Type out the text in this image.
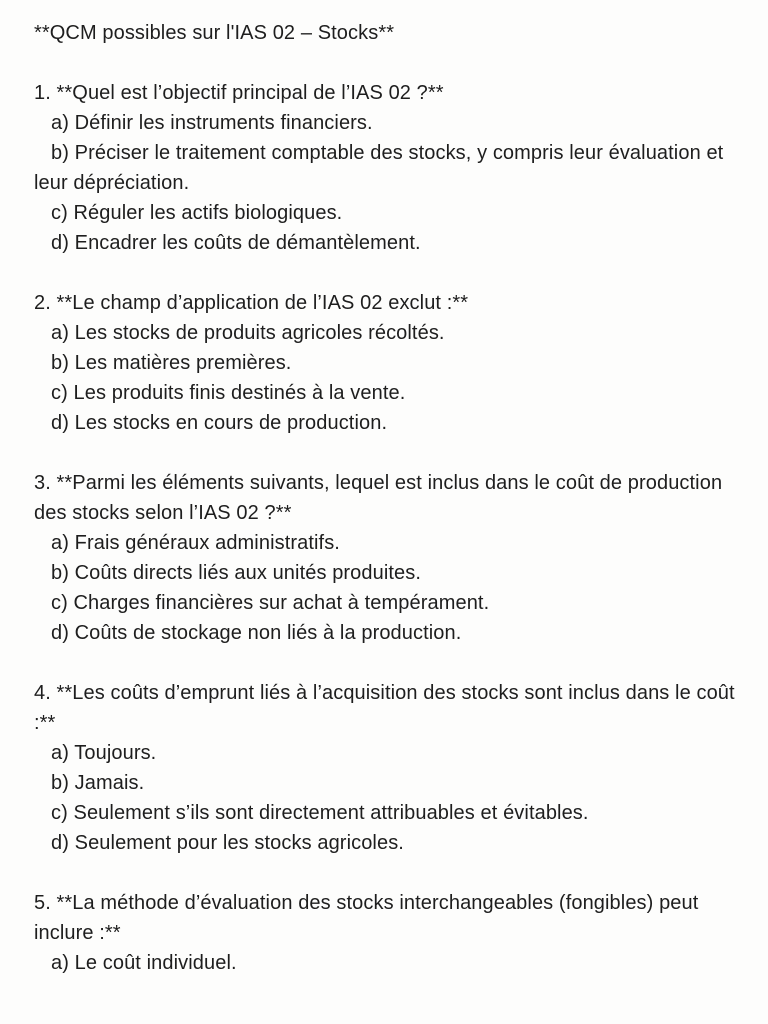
**QCM possibles sur l'IAS 02 – Stocks**

1. **Quel est l’objectif principal de l’IAS 02 ?**

a) Définir les instruments financiers.
b) Préciser le traitement comptable des stocks, y compris leur évaluation et leur dépréciation.
c) Réguler les actifs biologiques.
d) Encadrer les coûts de démantèlement.

2. **Le champ d’application de l’IAS 02 exclut :**

a) Les stocks de produits agricoles récoltés.
b) Les matières premières.
c) Les produits finis destinés à la vente.
d) Les stocks en cours de production.

3. **Parmi les éléments suivants, lequel est inclus dans le coût de production des stocks selon l’IAS 02 ?**

a) Frais généraux administratifs.
b) Coûts directs liés aux unités produites.
c) Charges financières sur achat à tempérament.
d) Coûts de stockage non liés à la production.

4. **Les coûts d’emprunt liés à l’acquisition des stocks sont inclus dans le coût :**

a) Toujours.
b) Jamais.
c) Seulement s’ils sont directement attribuables et évitables.
d) Seulement pour les stocks agricoles.

5. **La méthode d’évaluation des stocks interchangeables (fongibles) peut inclure :**

a) Le coût individuel.
